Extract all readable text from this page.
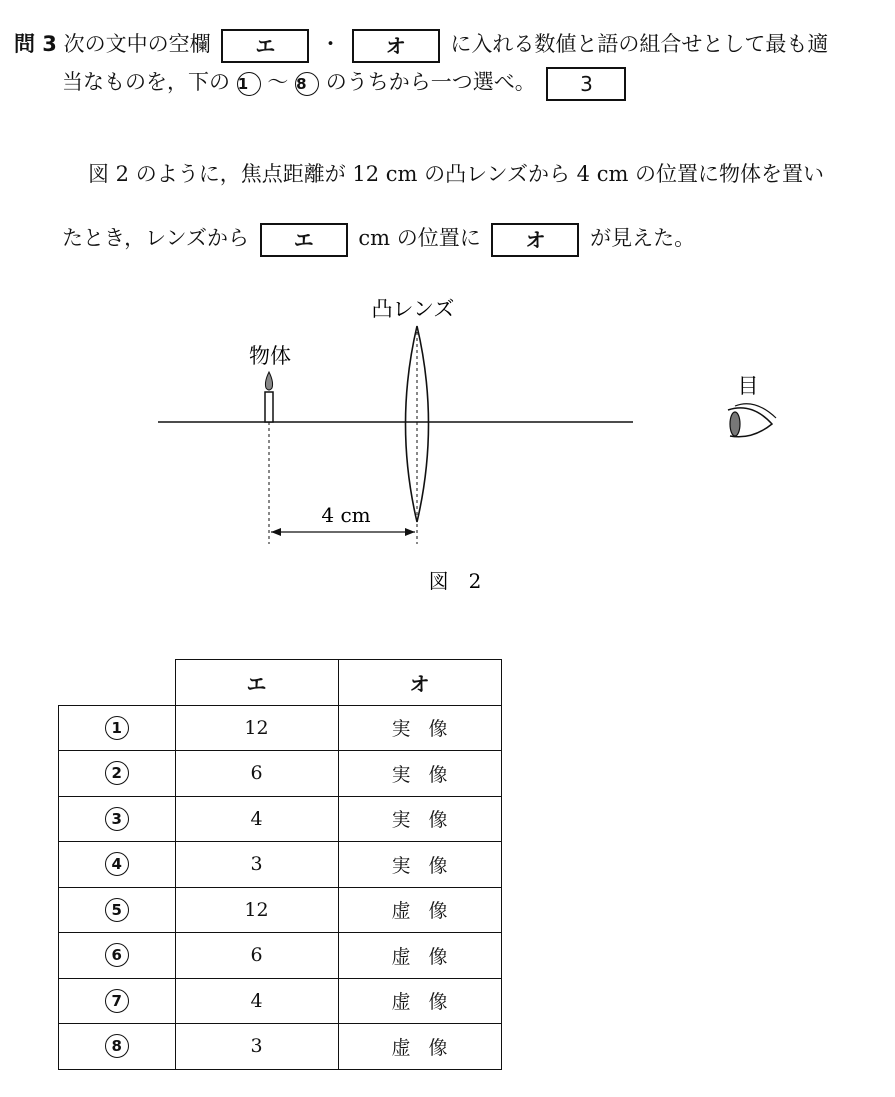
問 3 次の文中の空欄 エ ・ オ に入れる数値と語の組合せとして最も適
当なものを，下の 1 ～ 8 のうちから一つ選べ。 3
図 2 のように，焦点距離が 12 cm の凸レンズから 4 cm の位置に物体を置い
たとき，レンズから エ cm の位置に オ が見えた。
凸レンズ
物体
4 cm
目
図　2
	エ	オ
1	12	実像
2	6	実像
3	4	実像
4	3	実像
5	12	虚像
6	6	虚像
7	4	虚像
8	3	虚像
